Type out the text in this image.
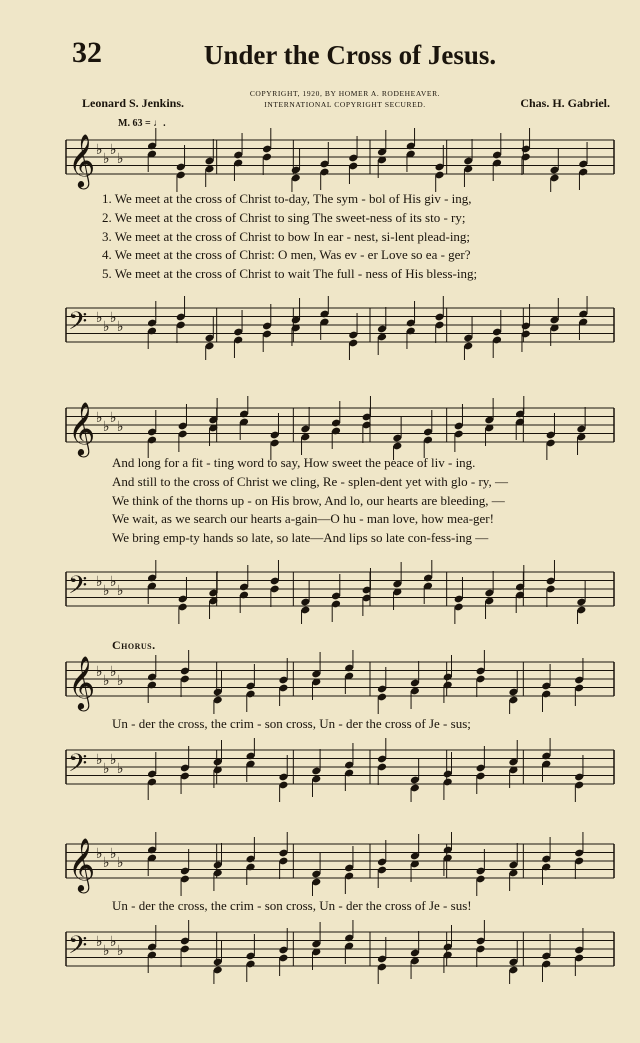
32	Under the Cross of Jesus.
Leonard S. Jenkins.
COPYRIGHT, 1920, BY HOMER A. RODEHEAVER.
INTERNATIONAL COPYRIGHT SECURED.	Chas. H. Gabriel.
M. 63 = ♩.
𝄞 ♭
♭
♭
♭
1. We meet at the cross of Christ to-day, The sym - bol of His giv - ing,
2. We meet at the cross of Christ to sing The sweet-ness of its sto - ry;
3. We meet at the cross of Christ to bow In ear - nest, si-lent plead-ing;
4. We meet at the cross of Christ: O men, Was ev - er Love so ea - ger?
5. We meet at the cross of Christ to wait The full - ness of His bless-ing;
𝄢 ♭
♭
♭
♭
𝄞 ♭
♭
♭
♭
And long for a fit - ting word to say, How sweet the peace of liv - ing.
And still to the cross of Christ we cling, Re - splen-dent yet with glo - ry, —
We think of the thorns up - on His brow, And lo, our hearts are bleeding, —
We wait, as we search our hearts a-gain—O hu - man love, how mea-ger!
We bring emp-ty hands so late, so late—And lips so late con-fess-ing —
𝄢 ♭
♭
♭
♭
Chorus.
𝄞 ♭
♭
♭
♭
Un - der the cross, the crim - son cross, Un - der the cross of Je - sus;
𝄢 ♭
♭
♭
♭
𝄞 ♭
♭
♭
♭
Un - der the cross, the crim - son cross, Un - der the cross of Je - sus!
𝄢 ♭
♭
♭
♭
